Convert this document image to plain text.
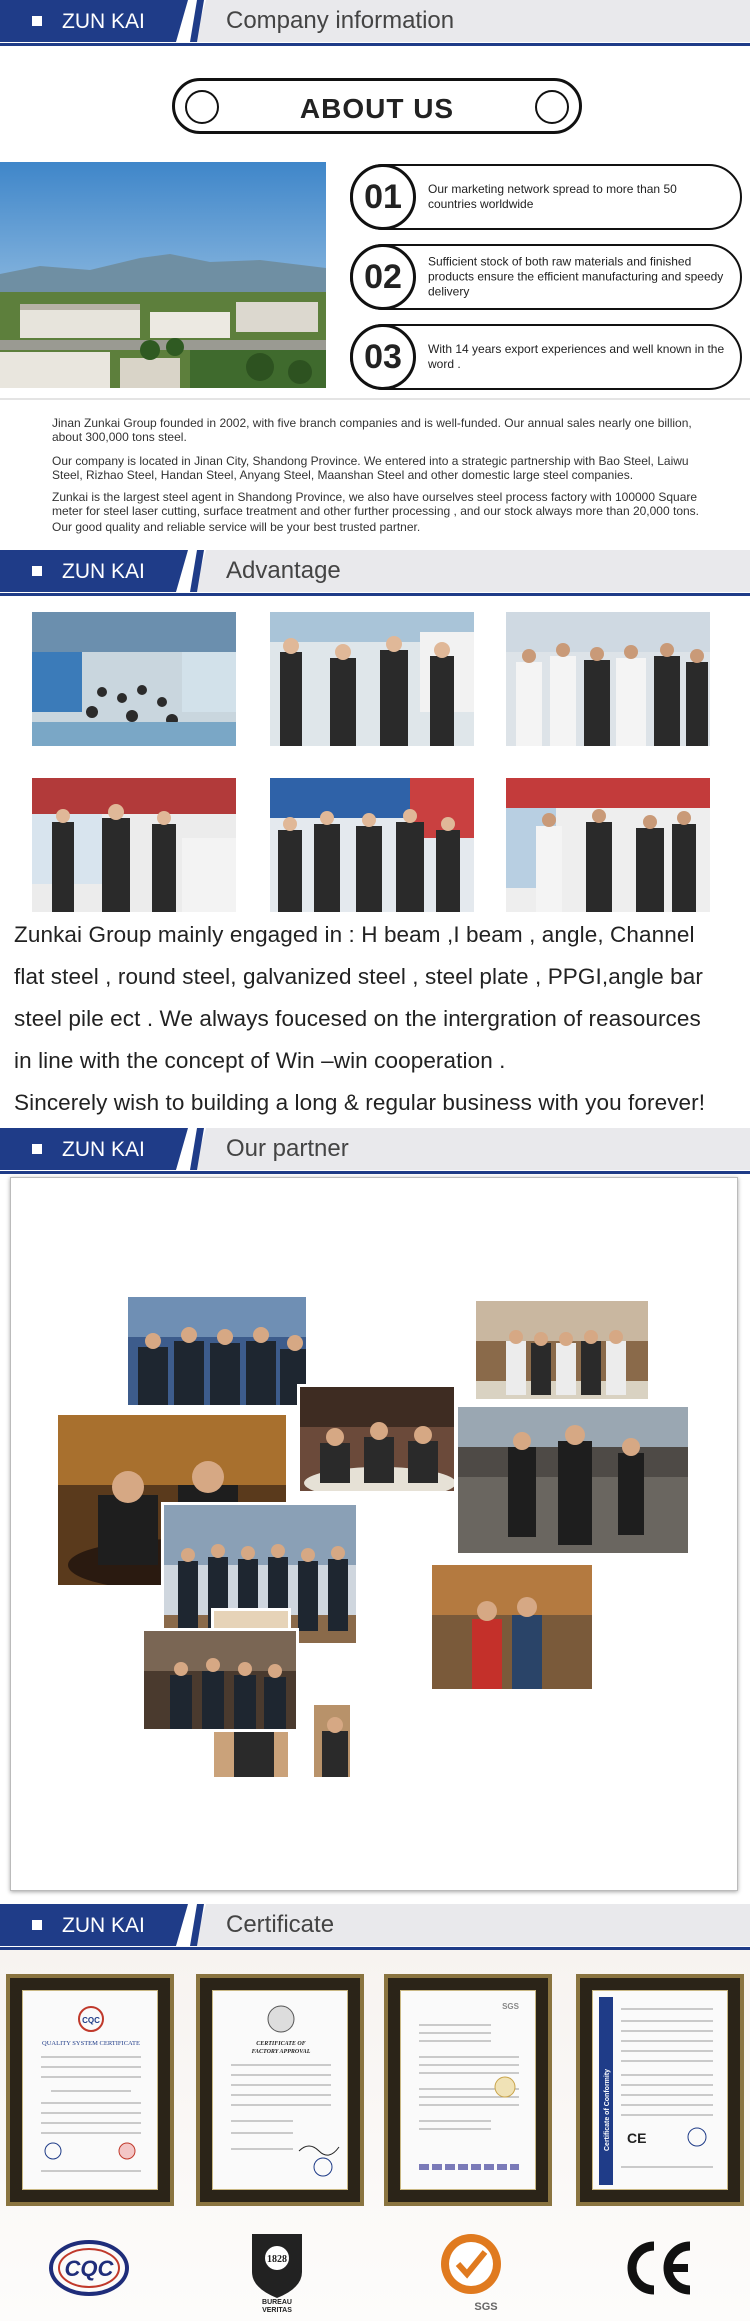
ZUN KAI	Company information
ABOUT US
01	Our marketing network spread to more than 50 countries worldwide
02	Sufficient stock of both raw materials and finished products ensure the efficient manufacturing and speedy delivery
03	With 14 years export experiences and well known in the word .
Jinan Zunkai Group founded in 2002, with five branch companies and is well-funded. Our annual sales nearly one billion, about 300,000 tons steel.
Our company is located in Jinan City, Shandong Province. We entered into a strategic partnership with Bao Steel, Laiwu Steel, Rizhao Steel, Handan Steel, Anyang Steel, Maanshan Steel and other domestic large steel companies.
Zunkai is the largest steel agent in Shandong Province, we also have ourselves steel process factory with 100000 Square meter for steel laser cutting, surface treatment and other further processing , and our stock always more than 20,000 tons.
Our good quality and reliable service will be your best trusted partner.
ZUN KAI	Advantage
Zunkai Group mainly engaged in : H beam ,I beam , angle, Channel
flat steel , round steel, galvanized steel , steel plate , PPGI,angle bar
steel pile ect . We always foucesed on the intergration of reasources
in line with the concept of Win –win cooperation .
Sincerely wish to building a long & regular business with you forever!
ZUN KAI	Our partner
ZUN KAI	Certificate
CQC
QUALITY SYSTEM CERTIFICATE	CERTIFICATE OF
FACTORY APPROVAL
SGS
Certificate of Conformity CE
CQC	1828
BUREAU
VERITAS	SGS
